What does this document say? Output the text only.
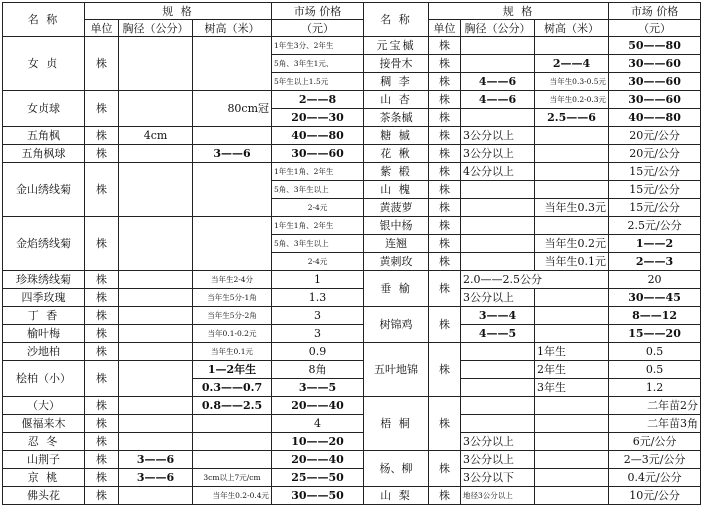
名 称	规 格			市场 价格	名 称	规 格			市场 价格
	单位	胸径（公分）	树高（米）	（元）		单位	胸径（公分）	树高（米）	（元）
女 贞	株			1年生3分、2年生	元宝槭	株			50——80
				5角、3年生1元、	接骨木	株		2——4	30——60
				5年生以上1.5元	稠 李	株	4——6	当年生0.3-0.5元	30——60
女贞球	株		80cm冠	2——8	山 杏	株	4——6	当年生0.2-0.3元	30——60
				20——30	茶条槭	株		2.5——6	40——80
五角枫	株	4cm		40——80	糖 槭	株	3公分以上		20元/公分
五角枫球	株		3——6	30——60	花 楸	株	3公分以上		20元/公分
金山绣线菊	株			1年生1角、2年生	紫 椴	株	4公分以上		15元/公分
				5角、3年生以上	山 槐	株			15元/公分
				2-4元	黄菠萝	株		当年生0.3元	15元/公分
金焰绣线菊	株			1年生1角、2年生	银中杨	株			2.5元/公分
				5角、3年生以上	连翘	株		当年生0.2元	1——2
				2-4元	黄刺玫	株		当年生0.1元	2——3
珍珠绣线菊	株		当年生2-4分	1	垂 榆	株	2.0——2.5公分		20
四季玫瑰	株		当年生5分-1角	1.3			3公分以上		30——45
丁 香	株		当年生5分-2角	3	树锦鸡	株	3——4		8——12
榆叶梅	株		当年0.1-0.2元	3			4——5		15——20
沙地柏	株		当年生0.1元	0.9	五叶地锦	株		1年生	0.5
桧柏（小）	株		1—2年生	8角				2年生	0.5
			0.3——0.7	3——5				3年生	1.2
（大）	株		0.8——2.5	20——40	梧 桐	株			二年苗2分
偃福来木	株			4					二年苗3角
忍 冬	株			10——20			3公分以上		6元/公分
山荆子	株	3——6		20——40	杨、柳	株	3公分以上		2—3元/公分
京 桃	株	3——6	3cm以上7元/cm	25——50			3公分以下		0.4元/公分
佛头花	株		当年生0.2-0.4元	30——50	山 梨	株	地径3公分以上		10元/公分
